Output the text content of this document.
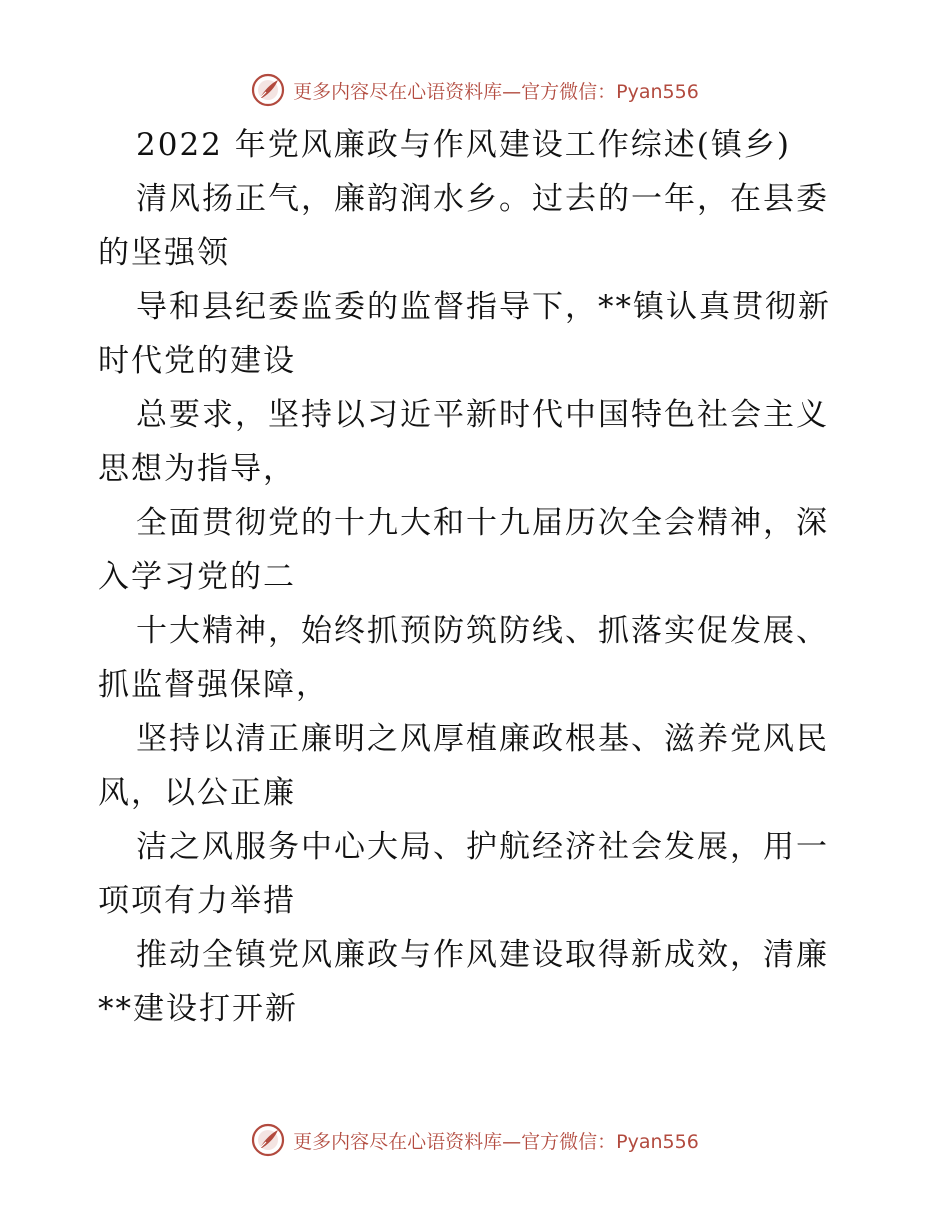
更多内容尽在心语资料库—官方微信：Pyan556
2022 年党风廉政与作风建设工作综述(镇乡)
清风扬正气，廉韵润水乡。过去的一年，在县委
的坚强领
导和县纪委监委的监督指导下，**镇认真贯彻新
时代党的建设
总要求，坚持以习近平新时代中国特色社会主义
思想为指导，
全面贯彻党的十九大和十九届历次全会精神，深
入学习党的二
十大精神，始终抓预防筑防线、抓落实促发展、
抓监督强保障，
坚持以清正廉明之风厚植廉政根基、滋养党风民
风，以公正廉
洁之风服务中心大局、护航经济社会发展，用一
项项有力举措
推动全镇党风廉政与作风建设取得新成效，清廉
**建设打开新
更多内容尽在心语资料库—官方微信：Pyan556
